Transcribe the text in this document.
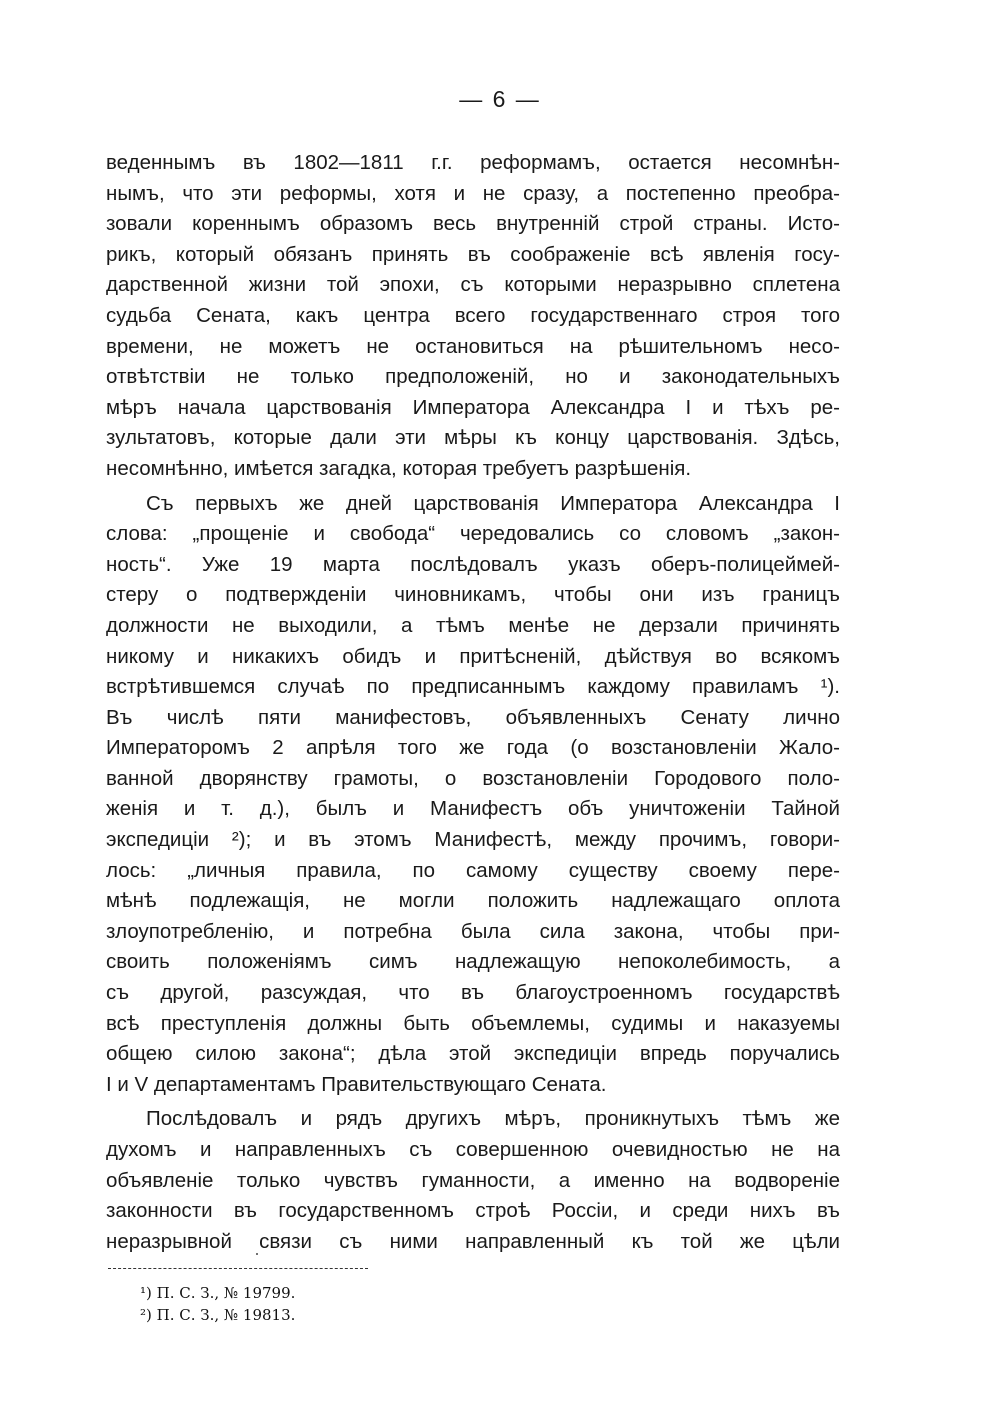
— 6 —
веденнымъ въ 1802—1811 г.г. реформамъ, остается несомнѣн-
нымъ, что эти реформы, хотя и не сразу, а постепенно преобра-
зовали кореннымъ образомъ весь внутренній строй страны. Исто-
рикъ, который обязанъ принять въ соображеніе всѣ явленія госу-
дарственной жизни той эпохи, съ которыми неразрывно сплетена
судьба Сената, какъ центра всего государственнаго строя того
времени, не можетъ не остановиться на рѣшительномъ несо-
отвѣтствіи не только предположеній, но и законодательныхъ
мѣръ начала царствованія Императора Александра I и тѣхъ ре-
зультатовъ, которые дали эти мѣры къ концу царствованія. Здѣсь,
несомнѣнно, имѣется загадка, которая требуетъ разрѣшенія.
Съ первыхъ же дней царствованія Императора Александра I
слова: „прощеніе и свобода“ чередовались со словомъ „закон-
ность“. Уже 19 марта послѣдовалъ указъ оберъ-полицеймей-
стеру о подтвержденіи чиновникамъ, чтобы они изъ границъ
должности не выходили, а тѣмъ менѣе не дерзали причинять
никому и никакихъ обидъ и притѣсненій, дѣйствуя во всякомъ
встрѣтившемся случаѣ по предписаннымъ каждому правиламъ ¹).
Въ числѣ пяти манифестовъ, объявленныхъ Сенату лично
Императоромъ 2 апрѣля того же года (о возстановленіи Жало-
ванной дворянству грамоты, о возстановленіи Городового поло-
женія и т. д.), былъ и Манифестъ объ уничтоженіи Тайной
экспедиціи ²); и въ этомъ Манифестѣ, между прочимъ, говори-
лось: „личныя правила, по самому существу своему пере-
мѣнѣ подлежащія, не могли положить надлежащаго оплота
злоупотребленію, и потребна была сила закона, чтобы при-
своить положеніямъ симъ надлежащую непоколебимость, а
съ другой, разсуждая, что въ благоустроенномъ государствѣ
всѣ преступленія должны быть объемлемы, судимы и наказуемы
общею силою закона“; дѣла этой экспедиціи впредь поручались
I и V департаментамъ Правительствующаго Сената.
Послѣдовалъ и рядъ другихъ мѣръ, проникнутыхъ тѣмъ же
духомъ и направленныхъ съ совершенною очевидностью не на
объявленіе только чувствъ гуманности, а именно на водвореніе
законности въ государственномъ строѣ Россіи, и среди нихъ въ
неразрывной связи съ ними направленный къ той же цѣли
¹) П. С. З., № 19799.
²) П. С. З., № 19813.
